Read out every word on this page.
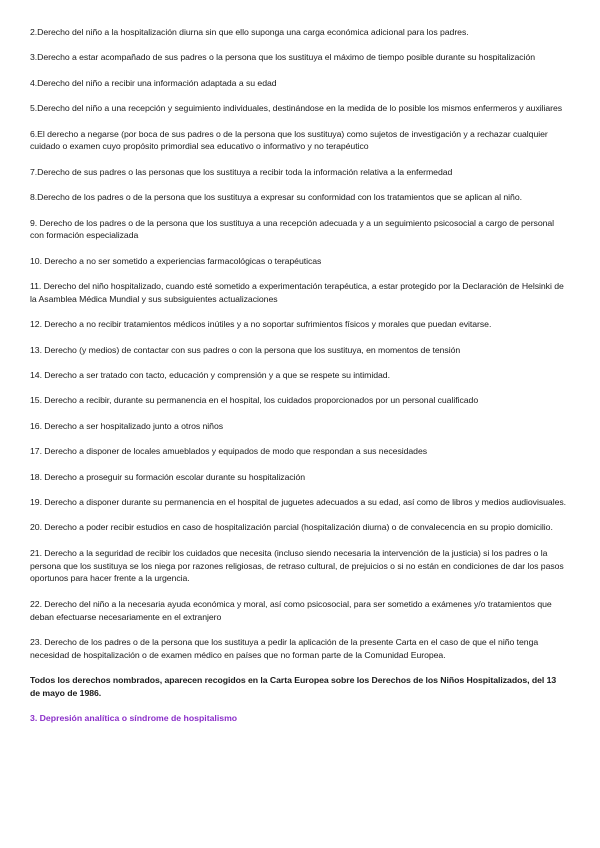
2.Derecho del niño a la hospitalización diurna sin que ello suponga una carga económica adicional para los padres.

3.Derecho a estar acompañado de sus padres o la persona que los sustituya el máximo de tiempo posible durante su hospitalización

4.Derecho del niño a recibir una información adaptada a su edad

5.Derecho del niño a una recepción y seguimiento individuales, destinándose en la medida de lo posible los mismos enfermeros y auxiliares

6.El derecho a negarse (por boca de sus padres o de la persona que los sustituya) como sujetos de investigación y a rechazar cualquier cuidado o examen cuyo propósito primordial sea educativo o informativo y no terapéutico

7.Derecho de sus padres o las personas que los sustituya a recibir toda la información relativa a la enfermedad

8.Derecho de los padres o de la persona que los sustituya a expresar su conformidad con los tratamientos que se aplican al niño.

9. Derecho de los padres o de la persona que los sustituya a una recepción adecuada y a un seguimiento psicosocial a cargo de personal con formación especializada

10. Derecho a no ser sometido a experiencias farmacológicas o terapéuticas

11. Derecho del niño hospitalizado, cuando esté sometido a experimentación terapéutica, a estar protegido por la Declaración de Helsinki de la Asamblea Médica Mundial y sus subsiguientes actualizaciones

12. Derecho a no recibir tratamientos médicos inútiles y a no soportar sufrimientos físicos y morales que puedan evitarse.

13. Derecho (y medios) de contactar con sus padres o con la persona que los sustituya, en momentos de tensión

14. Derecho a ser tratado con tacto, educación y comprensión y a que se respete su intimidad.

15. Derecho a recibir, durante su permanencia en el hospital, los cuidados proporcionados por un personal cualificado

16. Derecho a ser hospitalizado junto a otros niños

17. Derecho a disponer de locales amueblados y equipados de modo que respondan a sus necesidades

18. Derecho a proseguir su formación escolar durante su hospitalización

19. Derecho a disponer durante su permanencia en el hospital de juguetes adecuados a su edad, así como de libros y medios audiovisuales.

20. Derecho a poder recibir estudios en caso de hospitalización parcial (hospitalización diurna) o de convalecencia en su propio domicilio.

21. Derecho a la seguridad de recibir los cuidados que necesita (incluso siendo necesaria la intervención de la justicia) si los padres o la persona que los sustituya se los niega por razones religiosas, de retraso cultural, de prejuicios o si no están en condiciones de dar los pasos oportunos para hacer frente a la urgencia.

22. Derecho del niño a la necesaria ayuda económica y moral, así como psicosocial, para ser sometido a exámenes y/o tratamientos que deban efectuarse necesariamente en el extranjero

23. Derecho de los padres o de la persona que los sustituya a pedir la aplicación de la presente Carta en el caso de que el niño tenga necesidad de hospitalización o de examen médico en países que no forman parte de la Comunidad Europea.

Todos los derechos nombrados, aparecen recogidos en la Carta Europea sobre los Derechos de los Niños Hospitalizados, del 13 de mayo de 1986.

3. Depresión analítica o síndrome de hospitalismo
